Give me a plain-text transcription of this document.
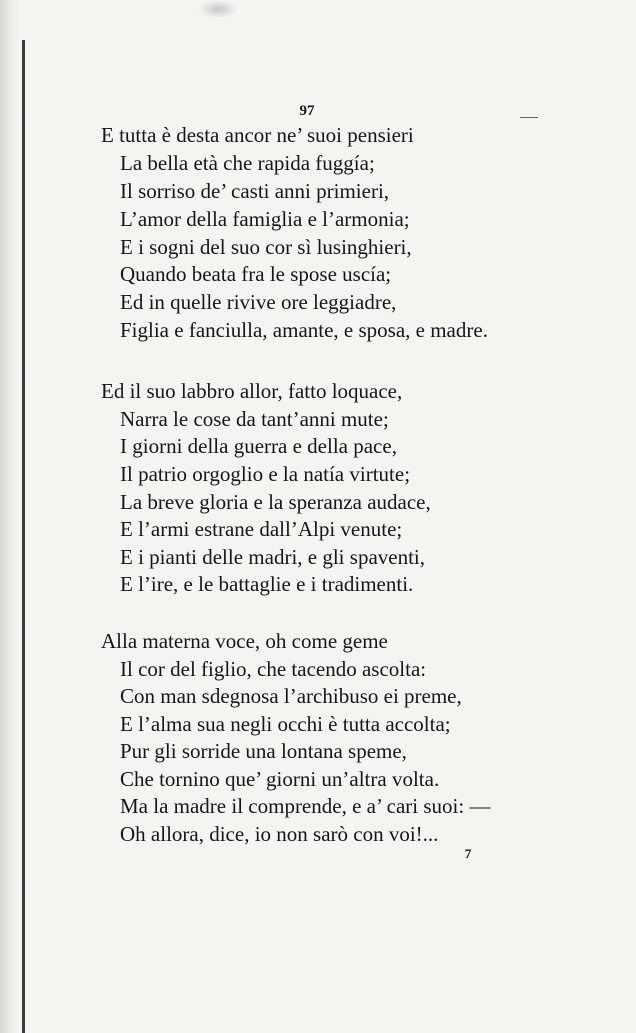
97
E tutta è desta ancor ne’ suoi pensieri
La bella età che rapida fuggía;
Il sorriso de’ casti anni primieri,
L’amor della famiglia e l’armonia;
E i sogni del suo cor sì lusinghieri,
Quando beata fra le spose uscía;
Ed in quelle rivive ore leggiadre,
Figlia e fanciulla, amante, e sposa, e madre.
Ed il suo labbro allor, fatto loquace,
Narra le cose da tant’anni mute;
I giorni della guerra e della pace,
Il patrio orgoglio e la natía virtute;
La breve gloria e la speranza audace,
E l’armi estrane dall’Alpi venute;
E i pianti delle madri, e gli spaventi,
E l’ire, e le battaglie e i tradimenti.
Alla materna voce, oh come geme
Il cor del figlio, che tacendo ascolta:
Con man sdegnosa l’archibuso ei preme,
E l’alma sua negli occhi è tutta accolta;
Pur gli sorride una lontana speme,
Che tornino que’ giorni un’altra volta.
Ma la madre il comprende, e a’ cari suoi: —
Oh allora, dice, io non sarò con voi!...
7
